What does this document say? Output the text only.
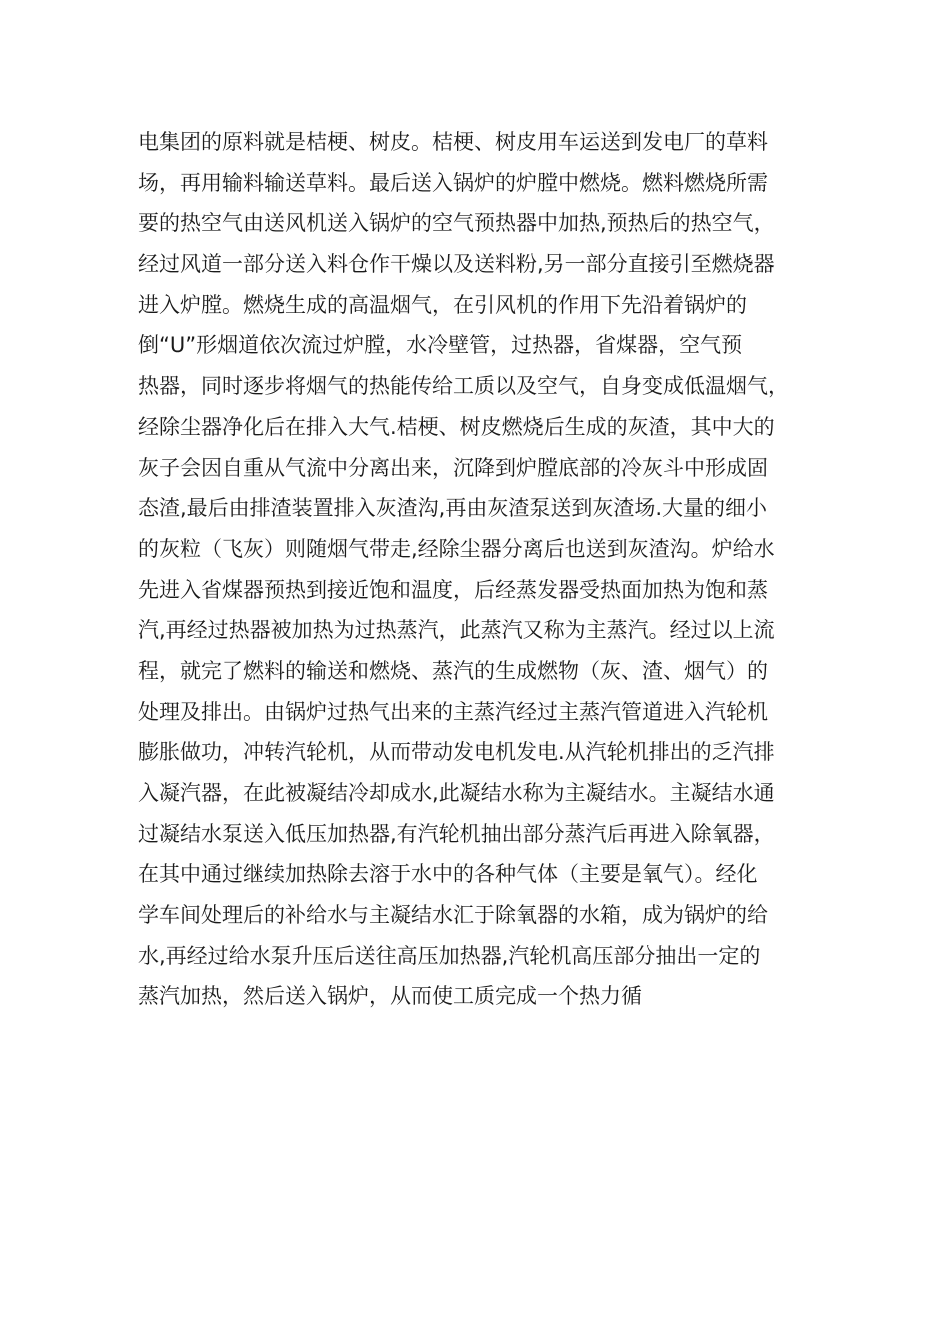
电集团的原料就是桔梗、树皮。桔梗、树皮用车运送到发电厂的草料
场，再用输料输送草料。最后送入锅炉的炉膛中燃烧。燃料燃烧所需
要的热空气由送风机送入锅炉的空气预热器中加热,预热后的热空气，
经过风道一部分送入料仓作干燥以及送料粉,另一部分直接引至燃烧器
进入炉膛。燃烧生成的高温烟气，在引风机的作用下先沿着锅炉的
倒“U”形烟道依次流过炉膛，水冷壁管，过热器，省煤器，空气预
热器，同时逐步将烟气的热能传给工质以及空气，自身变成低温烟气，
经除尘器净化后在排入大气.桔梗、树皮燃烧后生成的灰渣，其中大的
灰子会因自重从气流中分离出来，沉降到炉膛底部的冷灰斗中形成固
态渣,最后由排渣装置排入灰渣沟,再由灰渣泵送到灰渣场.大量的细小
的灰粒（飞灰）则随烟气带走,经除尘器分离后也送到灰渣沟。炉给水
先进入省煤器预热到接近饱和温度，后经蒸发器受热面加热为饱和蒸
汽,再经过热器被加热为过热蒸汽，此蒸汽又称为主蒸汽。经过以上流
程，就完了燃料的输送和燃烧、蒸汽的生成燃物（灰、渣、烟气）的
处理及排出。由锅炉过热气出来的主蒸汽经过主蒸汽管道进入汽轮机
膨胀做功，冲转汽轮机，从而带动发电机发电.从汽轮机排出的乏汽排
入凝汽器，在此被凝结冷却成水,此凝结水称为主凝结水。主凝结水通
过凝结水泵送入低压加热器,有汽轮机抽出部分蒸汽后再进入除氧器，
在其中通过继续加热除去溶于水中的各种气体（主要是氧气）。经化
学车间处理后的补给水与主凝结水汇于除氧器的水箱，成为锅炉的给
水,再经过给水泵升压后送往高压加热器,汽轮机高压部分抽出一定的
蒸汽加热，然后送入锅炉，从而使工质完成一个热力循
